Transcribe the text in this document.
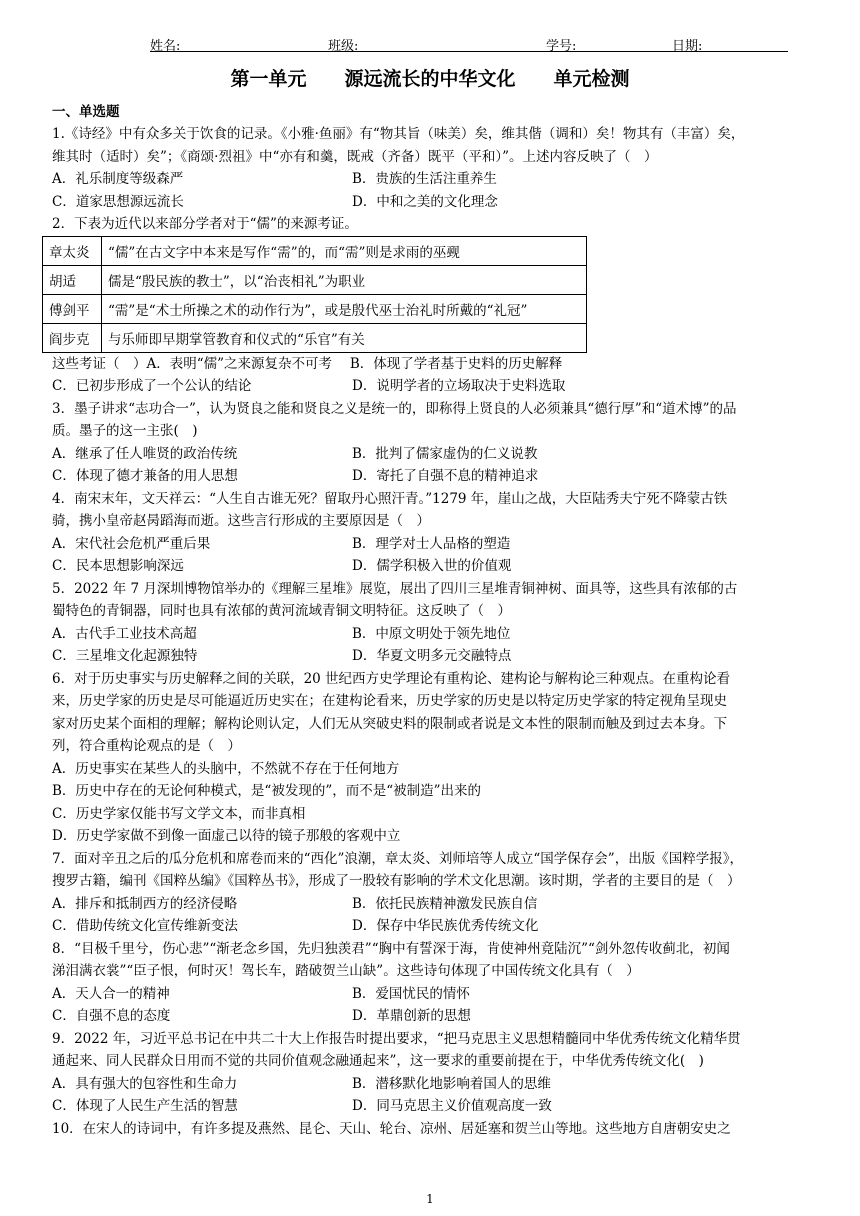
姓名:	班级:	学号:	日期:
第一单元　　源远流长的中华文化　　单元检测
一、单选题
1.《诗经》中有众多关于饮食的记录。《小雅·鱼丽》有“物其旨（味美）矣，维其偕（调和）矣！物其有（丰富）矣，
维其时（适时）矣”；《商颂·烈祖》中“亦有和羹，既戒（齐备）既平（平和）”。上述内容反映了（　）
A．礼乐制度等级森严	B．贵族的生活注重养生
C．道家思想源远流长	D．中和之美的文化理念
2．下表为近代以来部分学者对于“儒”的来源考证。
章太炎	“儒”在古文字中本来是写作“需”的，而“需”则是求雨的巫觋
胡适	儒是“殷民族的教士”，以“治丧相礼”为职业
傅剑平	“需”是“术士所操之术的动作行为”，或是殷代巫士治礼时所戴的“礼冠”
阎步克	与乐师即早期掌管教育和仪式的“乐官”有关
这些考证（　）A．表明“儒”之来源复杂不可考　 B．体现了学者基于史料的历史解释
C．已初步形成了一个公认的结论	D．说明学者的立场取决于史料选取
3．墨子讲求“志功合一”，认为贤良之能和贤良之义是统一的，即称得上贤良的人必须兼具“德行厚”和“道术博”的品
质。墨子的这一主张(　)
A．继承了任人唯贤的政治传统	B．批判了儒家虚伪的仁义说教
C．体现了德才兼备的用人思想	D．寄托了自强不息的精神追求
4．南宋末年，文天祥云：“人生自古谁无死？留取丹心照汗青。”1279 年，崖山之战，大臣陆秀夫宁死不降蒙古铁
骑，携小皇帝赵昺蹈海而逝。这些言行形成的主要原因是（　）
A．宋代社会危机严重后果	B．理学对士人品格的塑造
C．民本思想影响深远	D．儒学积极入世的价值观
5．2022 年 7 月深圳博物馆举办的《理解三星堆》展览，展出了四川三星堆青铜神树、面具等，这些具有浓郁的古
蜀特色的青铜器，同时也具有浓郁的黄河流域青铜文明特征。这反映了（　）
A．古代手工业技术高超	B．中原文明处于领先地位
C．三星堆文化起源独特	D．华夏文明多元交融特点
6．对于历史事实与历史解释之间的关联，20 世纪西方史学理论有重构论、建构论与解构论三种观点。在重构论看
来，历史学家的历史是尽可能逼近历史实在；在建构论看来，历史学家的历史是以特定历史学家的特定视角呈现史
家对历史某个面相的理解；解构论则认定，人们无从突破史料的限制或者说是文本性的限制而触及到过去本身。下
列，符合重构论观点的是（　）
A．历史事实在某些人的头脑中，不然就不存在于任何地方
B．历史中存在的无论何种模式，是“被发现的”，而不是“被制造”出来的
C．历史学家仅能书写文学文本，而非真相
D．历史学家做不到像一面虚己以待的镜子那般的客观中立
7．面对辛丑之后的瓜分危机和席卷而来的“西化”浪潮，章太炎、刘师培等人成立“国学保存会”，出版《国粹学报》，
搜罗古籍，编刊《国粹丛编》《国粹丛书》，形成了一股较有影响的学术文化思潮。该时期，学者的主要目的是（　）
A．排斥和抵制西方的经济侵略	B．依托民族精神激发民族自信
C．借助传统文化宣传维新变法	D．保存中华民族优秀传统文化
8．“目极千里兮，伤心悲”“渐老念乡国，先归独羡君”“胸中有誓深于海，肯使神州竟陆沉”“剑外忽传收蓟北，初闻
涕泪满衣裳”“臣子恨，何时灭！驾长车，踏破贺兰山缺”。这些诗句体现了中国传统文化具有（　）
A．天人合一的精神	B．爱国忧民的情怀
C．自强不息的态度	D．革鼎创新的思想
9．2022 年，习近平总书记在中共二十大上作报告时提出要求，“把马克思主义思想精髓同中华优秀传统文化精华贯
通起来、同人民群众日用而不觉的共同价值观念融通起来”，这一要求的重要前提在于，中华优秀传统文化(　)
A．具有强大的包容性和生命力	B．潜移默化地影响着国人的思维
C．体现了人民生产生活的智慧	D．同马克思主义价值观高度一致
10．在宋人的诗词中，有许多提及燕然、昆仑、天山、轮台、凉州、居延塞和贺兰山等地。这些地方自唐朝安史之
1
